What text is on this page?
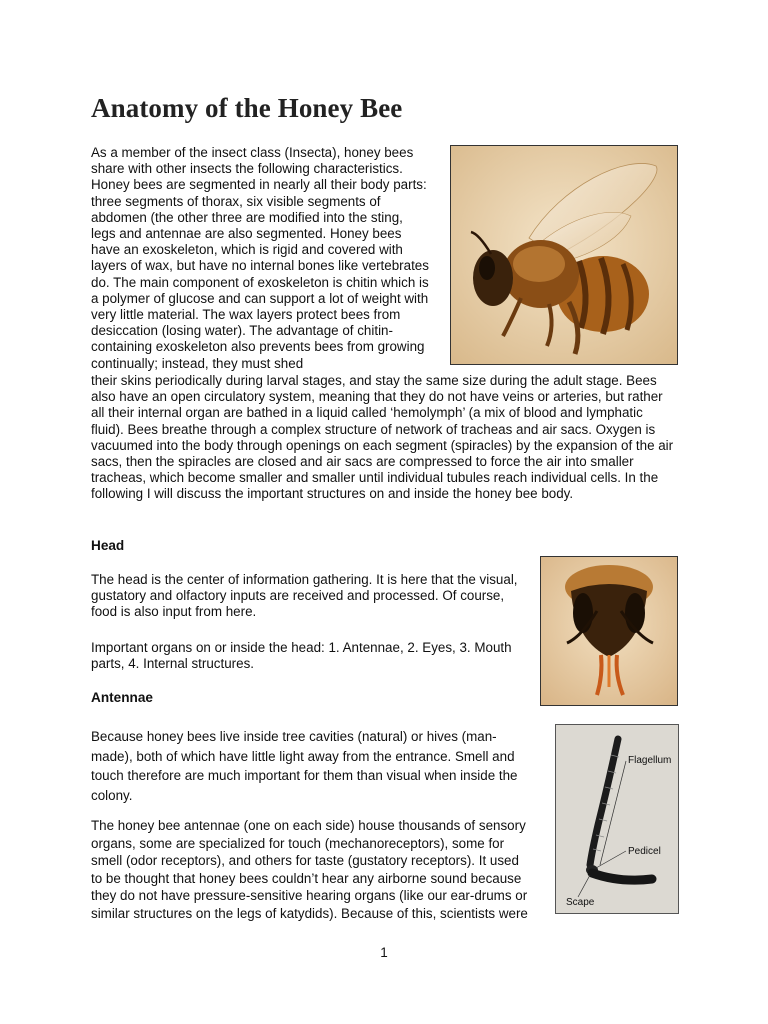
Anatomy of the Honey Bee

As a member of the insect class (Insecta), honey bees share with other insects the following characteristics. Honey bees are segmented in nearly all their body parts: three segments of thorax, six visible segments of abdomen (the other three are modified into the sting, legs and antennae are also segmented. Honey bees have an exoskeleton, which is rigid and covered with layers of wax, but have no internal bones like vertebrates do. The main component of exoskeleton is chitin which is a polymer of glucose and can support a lot of weight with very little material. The wax layers protect bees from desiccation (losing water). The advantage of chitin-containing exoskeleton also prevents bees from growing continually; instead, they must shed

their skins periodically during larval stages, and stay the same size during the adult stage. Bees also have an open circulatory system, meaning that they do not have veins or arteries, but rather all their internal organ are bathed in a liquid called ‘hemolymph’ (a mix of blood and lymphatic fluid). Bees breathe through a complex structure of network of tracheas and air sacs. Oxygen is vacuumed into the body through openings on each segment (spiracles) by the expansion of the air sacs, then the spiracles are closed and air sacs are compressed to force the air into smaller tracheas, which become smaller and smaller until individual tubules reach individual cells. In the following I will discuss the important structures on and inside the honey bee body.

Head

The head is the center of information gathering. It is here that the visual, gustatory and olfactory inputs are received and processed. Of course, food is also input from here.

Important organs on or inside the head: 1. Antennae, 2. Eyes, 3. Mouth parts, 4. Internal structures.

Antennae

Because honey bees live inside tree cavities (natural) or hives (man-made), both of which have little light away from the entrance. Smell and touch therefore are much important for them than visual when inside the colony.

The honey bee antennae (one on each side) house thousands of sensory organs, some are specialized for touch (mechanoreceptors), some for smell (odor receptors), and others for taste (gustatory receptors). It used to be thought that honey bees couldn’t hear any airborne sound because they do not have pressure-sensitive hearing organs (like our ear-drums or similar structures on the legs of katydids). Because of this, scientists were

Flagellum
Pedicel
Scape
1
